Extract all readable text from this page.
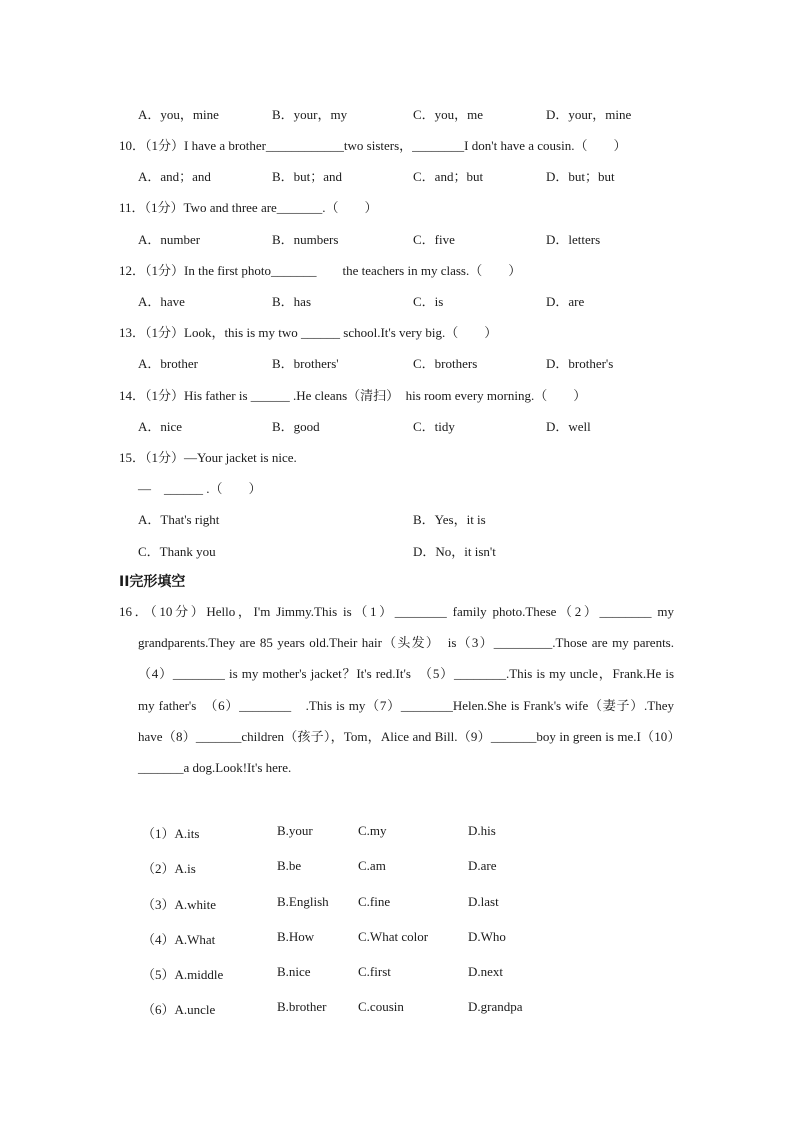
A．you，mine	B．your，my	C．you，me	D．your，mine
10．（1分）I have a brother____________two sisters，________I don't have a cousin.（　　）
A．and；and	B．but；and	C．and；but	D．but；but
11．（1分）Two and three are_______.（　　）
A．number	B．numbers	C．five	D．letters
12．（1分）In the first photo_______　　the teachers in my class.（　　）
A．have	B．has	C．is	D．are
13．（1分）Look，this is my two ______ school.It's very big.（　　）
A．brother	B．brothers'	C．brothers	D．brother's
14．（1分）His father is ______ .He cleans（清扫）　his room every morning.（　　）
A．nice	B．good	C．tidy	D．well
15．（1分）—Your jacket is nice.
—　______ .（　　）
A．That's right	B．Yes，it is
C．Thank you	D．No，it isn't
II完形填空
16．（10分）Hello，I'm Jimmy.This is（1）________ family photo.These（2）________ my grandparents.They are 85 years old.Their hair（头发）　is（3）_________.Those are my parents.（4）________ is my mother's jacket？It's red.It's　（5）________.This is my uncle，Frank.He is my father's　（6）________　.This is my（7）________Helen.She is Frank's wife（妻子）.They have（8）_______children（孩子），Tom，Alice and Bill.（9）_______boy in green is me.I（10）_______a dog.Look!It's here.
（1）A.its	B.your	C.my	D.his
（2）A.is	B.be	C.am	D.are
（3）A.white	B.English C.fine	D.last
（4）A.What	B.How	C.What color	D.Who
（5）A.middle	B.nice	C.first	D.next
（6）A.uncle	B.brother C.cousin	D.grandpa
